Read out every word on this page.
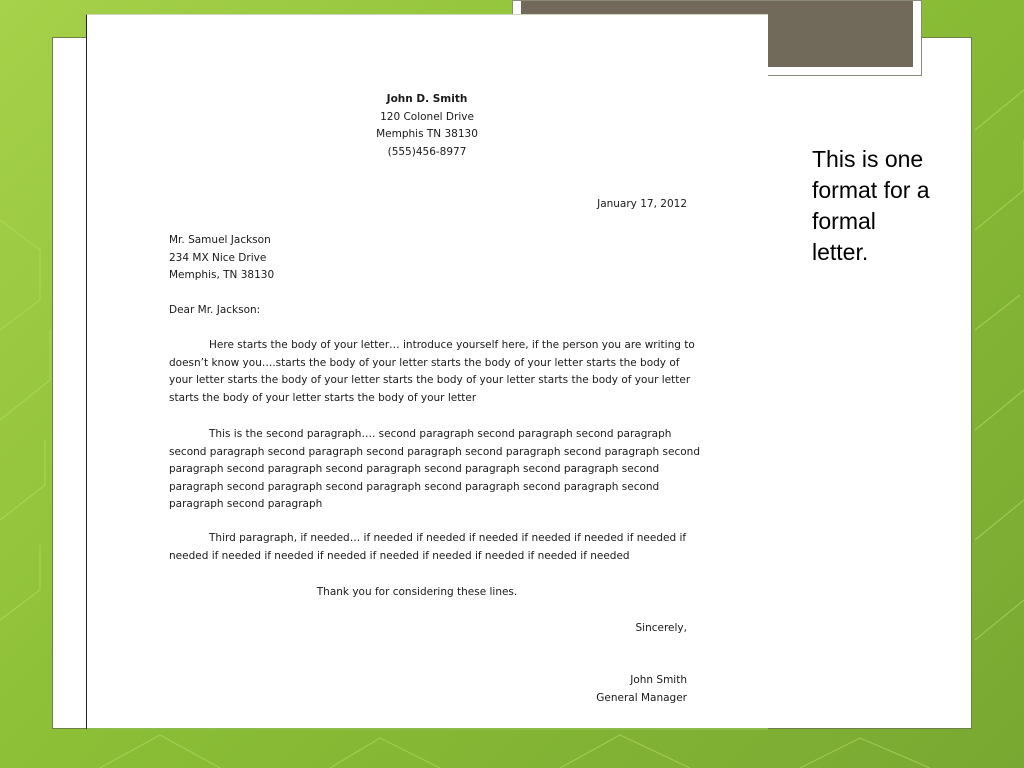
John D. Smith
120 Colonel Drive
Memphis TN 38130
(555)456-8977
January 17, 2012
Mr. Samuel Jackson
234 MX Nice Drive
Memphis, TN 38130
Dear Mr. Jackson:
Here starts the body of your letter… introduce yourself here, if the person you are writing to
doesn’t know you….starts the body of your letter starts the body of your letter starts the body of
your letter starts the body of your letter starts the body of your letter starts the body of your letter
starts the body of your letter starts the body of your letter
This is the second paragraph…. second paragraph second paragraph second paragraph
second paragraph second paragraph second paragraph second paragraph second paragraph second
paragraph second paragraph second paragraph second paragraph second paragraph second
paragraph second paragraph second paragraph second paragraph second paragraph second
paragraph second paragraph
Third paragraph, if needed… if needed if needed if needed if needed if needed if needed if
needed if needed if needed if needed if needed if needed if needed if needed if needed
Thank you for considering these lines.
Sincerely,
John Smith
General Manager
This is one
format for a
formal
letter.
